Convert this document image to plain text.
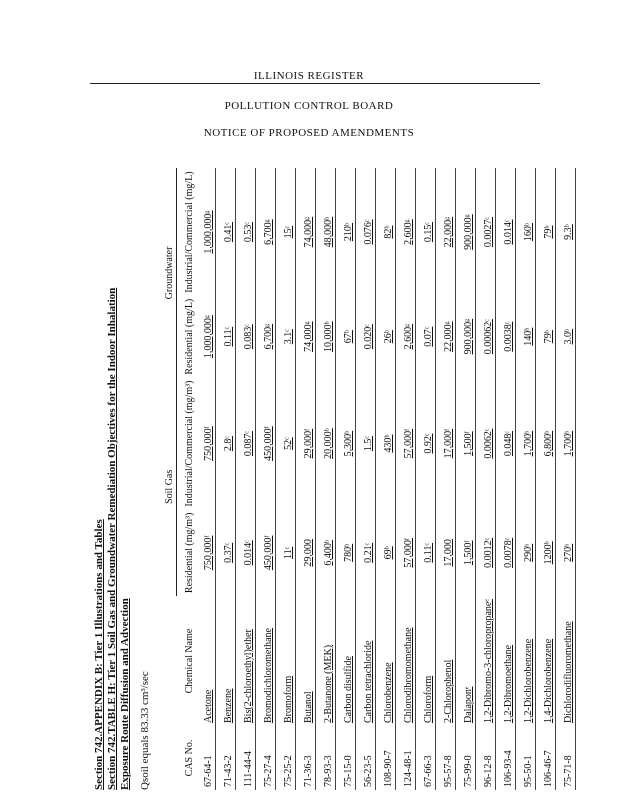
ILLINOIS REGISTER
POLLUTION CONTROL BOARD
NOTICE OF PROPOSED AMENDMENTS
Section 742.APPENDIX B: Tier 1 Illustrations and Tables Section 742.TABLE H: Tier 1 Soil Gas and Groundwater Remediation Objectives for the Indoor Inhalation Exposure Route Diffusion and Advection Qsoil equals 83.33 cm³/sec
		Soil Gas		Groundwater	
CAS No.	Chemical Name	Residential (mg/m³)	Industrial/Commercial (mg/m³)	Residential (mg/L)	Industrial/Commercial (mg/L)
67-64-1	Acetone	750,000ᶠ	750,000ᶠ	1,000,000ᵍ	1,000,000ᵍ
71-43-2	Benzene	0.37ᶜ	2.8ᶜ	0.11ᶜ	0.41ᶜ
111-44-4	Bis(2-chloroethyl)ether	0.014ᶜ	0.087ᶜ	0.083ᶜ	0.53ᶜ
75-27-4	Bromodichloromethane	450,000ᶠ	450,000ᶠ	6,700ᵍ	6,700ᵍ
75-25-2	Bromoform	11ᶜ	52ᶜ	3.1ᶜ	15ᶜ
71-36-3	Butanol	29,000	29,000ᶠ	74,000ᵍ	74,000ᵍ
78-93-3	2-Butanone (MEK)	6,400ᵇ	20,000ᵇ	10,000ᵇ	48,000ᵇ
75-15-0	Carbon disulfide	780ᵇ	5,300ᵇ	67ᵇ	210ᵇ
56-23-5	Carbon tetrachloride	0.21ᶜ	1.5ᶜ	0.020ᶜ	0.076ᶜ
108-90-7	Chlorobenzene	69ᵇ	430ᵇ	26ᵇ	82ᵇ
124-48-1	Chlorodibromomethane	57,000ᶠ	57,000ᶠ	2,600ᵍ	2,600ᵍ
67-66-3	Chloroform	0.11ᶜ	0.92ᶜ	0.07ᶜ	0.15ᶜ
95-57-8	2-Chlorophenol	17,000	17,000ᶠ	22,000ᵍ	22,000ᵍ
75-99-0	Dalaponᵉ	1,500ᶠ	1,500ᶠ	900,000ᵍ	900,000ᵍ
96-12-8	1,2-Dibromo-3-chloropropaneᵉ	0.0012ᶜ	0.0062ᶜ	0.00062ᶜ	0.0027ᶜ
106-93-4	1,2-Dibromoethane	0.0078ᶜ	0.048ᶜ	0.0038ᶜ	0.014ᶜ
95-50-1	1,2-Dichlorobenzene	290ᵇ	1,700ᵇ	140ᵇ	160ᵇ
106-46-7	1,4-Dichlorobenzene	1200ᵇ	6,800ᵇ	79ᵇ	79ᵇ
75-71-8	Dichlorodifluoromethane	270ᵇ	1,700ᵇ	3.0ᵇ	9.3ᵇ
